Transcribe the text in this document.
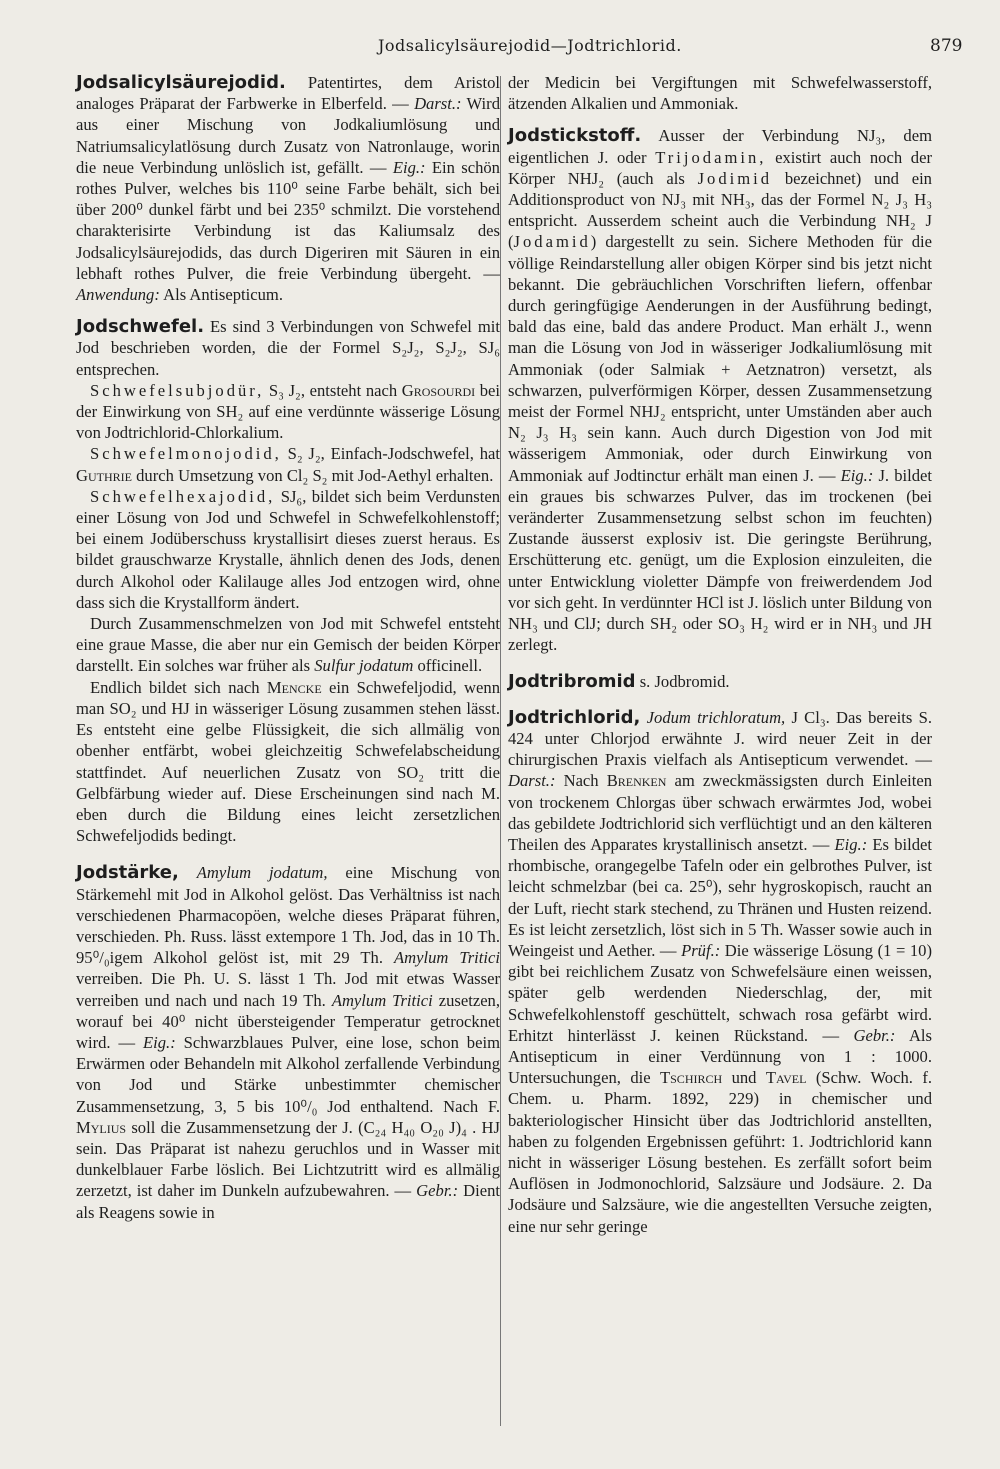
Jodsalicylsäurejodid—Jodtrichlorid.	879

Jodsalicylsäurejodid. Patentirtes, dem Aristol analoges Präparat der Farbwerke in Elberfeld. — Darst.: Wird aus einer Mischung von Jodkaliumlösung und Natriumsalicylatlösung durch Zusatz von Natronlauge, worin die neue Verbindung unlöslich ist, gefällt. — Eig.: Ein schön rothes Pulver, welches bis 110⁰ seine Farbe behält, sich bei über 200⁰ dunkel färbt und bei 235⁰ schmilzt. Die vorstehend charakterisirte Verbindung ist das Kaliumsalz des Jodsalicylsäurejodids, das durch Digeriren mit Säuren in ein lebhaft rothes Pulver, die freie Verbindung übergeht. — Anwendung: Als Antisepticum.

Jodschwefel. Es sind 3 Verbindungen von Schwefel mit Jod beschrieben worden, die der Formel S₂J₂, S₂J₂, SJ₆ entsprechen.

Schwefelsubjodür, S₃ J₂, entsteht nach Grosourdi bei der Einwirkung von SH₂ auf eine verdünnte wässerige Lösung von Jodtrichlorid-Chlorkalium.

Schwefelmonojodid, S₂ J₂, Einfach-Jodschwefel, hat Guthrie durch Umsetzung von Cl₂ S₂ mit Jod-Aethyl erhalten.

Schwefelhexajodid, SJ₆, bildet sich beim Verdunsten einer Lösung von Jod und Schwefel in Schwefelkohlenstoff; bei einem Jodüberschuss krystallisirt dieses zuerst heraus. Es bildet grauschwarze Krystalle, ähnlich denen des Jods, denen durch Alkohol oder Kalilauge alles Jod entzogen wird, ohne dass sich die Krystallform ändert.

Durch Zusammenschmelzen von Jod mit Schwefel entsteht eine graue Masse, die aber nur ein Gemisch der beiden Körper darstellt. Ein solches war früher als Sulfur jodatum officinell.

Endlich bildet sich nach Mencke ein Schwefeljodid, wenn man SO₂ und HJ in wässeriger Lösung zusammen stehen lässt. Es entsteht eine gelbe Flüssigkeit, die sich allmälig von obenher entfärbt, wobei gleichzeitig Schwefelabscheidung stattfindet. Auf neuerlichen Zusatz von SO₂ tritt die Gelbfärbung wieder auf. Diese Erscheinungen sind nach M. eben durch die Bildung eines leicht zersetzlichen Schwefeljodids bedingt.

Jodstärke, Amylum jodatum, eine Mischung von Stärkemehl mit Jod in Alkohol gelöst. Das Verhältniss ist nach verschiedenen Pharmacopöen, welche dieses Präparat führen, verschieden. Ph. Russ. lässt extempore 1 Th. Jod, das in 10 Th. 95⁰/₀igem Alkohol gelöst ist, mit 29 Th. Amylum Tritici verreiben. Die Ph. U. S. lässt 1 Th. Jod mit etwas Wasser verreiben und nach und nach 19 Th. Amylum Tritici zusetzen, worauf bei 40⁰ nicht übersteigender Temperatur getrocknet wird. — Eig.: Schwarzblaues Pulver, eine lose, schon beim Erwärmen oder Behandeln mit Alkohol zerfallende Verbindung von Jod und Stärke unbestimmter chemischer Zusammensetzung, 3, 5 bis 10⁰/₀ Jod enthaltend. Nach F. Mylius soll die Zusammensetzung der J. (C₂₄ H₄₀ O₂₀ J)₄ . HJ sein. Das Präparat ist nahezu geruchlos und in Wasser mit dunkelblauer Farbe löslich. Bei Lichtzutritt wird es allmälig zerzetzt, ist daher im Dunkeln aufzubewahren. — Gebr.: Dient als Reagens sowie in

der Medicin bei Vergiftungen mit Schwefelwasserstoff, ätzenden Alkalien und Ammoniak.

Jodstickstoff. Ausser der Verbindung NJ₃, dem eigentlichen J. oder Trijodamin, existirt auch noch der Körper NHJ₂ (auch als Jodimid bezeichnet) und ein Additionsproduct von NJ₃ mit NH₃, das der Formel N₂ J₃ H₃ entspricht. Ausserdem scheint auch die Verbindung NH₂ J (Jodamid) dargestellt zu sein. Sichere Methoden für die völlige Reindarstellung aller obigen Körper sind bis jetzt nicht bekannt. Die gebräuchlichen Vorschriften liefern, offenbar durch geringfügige Aenderungen in der Ausführung bedingt, bald das eine, bald das andere Product. Man erhält J., wenn man die Lösung von Jod in wässeriger Jodkaliumlösung mit Ammoniak (oder Salmiak + Aetznatron) versetzt, als schwarzen, pulverförmigen Körper, dessen Zusammensetzung meist der Formel NHJ₂ entspricht, unter Umständen aber auch N₂ J₃ H₃ sein kann. Auch durch Digestion von Jod mit wässerigem Ammoniak, oder durch Einwirkung von Ammoniak auf Jodtinctur erhält man einen J. — Eig.: J. bildet ein graues bis schwarzes Pulver, das im trockenen (bei veränderter Zusammensetzung selbst schon im feuchten) Zustande äusserst explosiv ist. Die geringste Berührung, Erschütterung etc. genügt, um die Explosion einzuleiten, die unter Entwicklung violetter Dämpfe von freiwerdendem Jod vor sich geht. In verdünnter HCl ist J. löslich unter Bildung von NH₃ und ClJ; durch SH₂ oder SO₃ H₂ wird er in NH₃ und JH zerlegt.

Jodtribromid s. Jodbromid.

Jodtrichlorid, Jodum trichloratum, J Cl₃. Das bereits S. 424 unter Chlorjod erwähnte J. wird neuer Zeit in der chirurgischen Praxis vielfach als Antisepticum verwendet. — Darst.: Nach Brenken am zweckmässigsten durch Einleiten von trockenem Chlorgas über schwach erwärmtes Jod, wobei das gebildete Jodtrichlorid sich verflüchtigt und an den kälteren Theilen des Apparates krystallinisch ansetzt. — Eig.: Es bildet rhombische, orangegelbe Tafeln oder ein gelbrothes Pulver, ist leicht schmelzbar (bei ca. 25⁰), sehr hygroskopisch, raucht an der Luft, riecht stark stechend, zu Thränen und Husten reizend. Es ist leicht zersetzlich, löst sich in 5 Th. Wasser sowie auch in Weingeist und Aether. — Prüf.: Die wässerige Lösung (1 = 10) gibt bei reichlichem Zusatz von Schwefelsäure einen weissen, später gelb werdenden Niederschlag, der, mit Schwefelkohlenstoff geschüttelt, schwach rosa gefärbt wird. Erhitzt hinterlässt J. keinen Rückstand. — Gebr.: Als Antisepticum in einer Verdünnung von 1 : 1000. Untersuchungen, die Tschirch und Tavel (Schw. Woch. f. Chem. u. Pharm. 1892, 229) in chemischer und bakteriologischer Hinsicht über das Jodtrichlorid anstellten, haben zu folgenden Ergebnissen geführt: 1. Jodtrichlorid kann nicht in wässeriger Lösung bestehen. Es zerfällt sofort beim Auflösen in Jodmonochlorid, Salzsäure und Jodsäure. 2. Da Jodsäure und Salzsäure, wie die angestellten Versuche zeigten, eine nur sehr geringe
